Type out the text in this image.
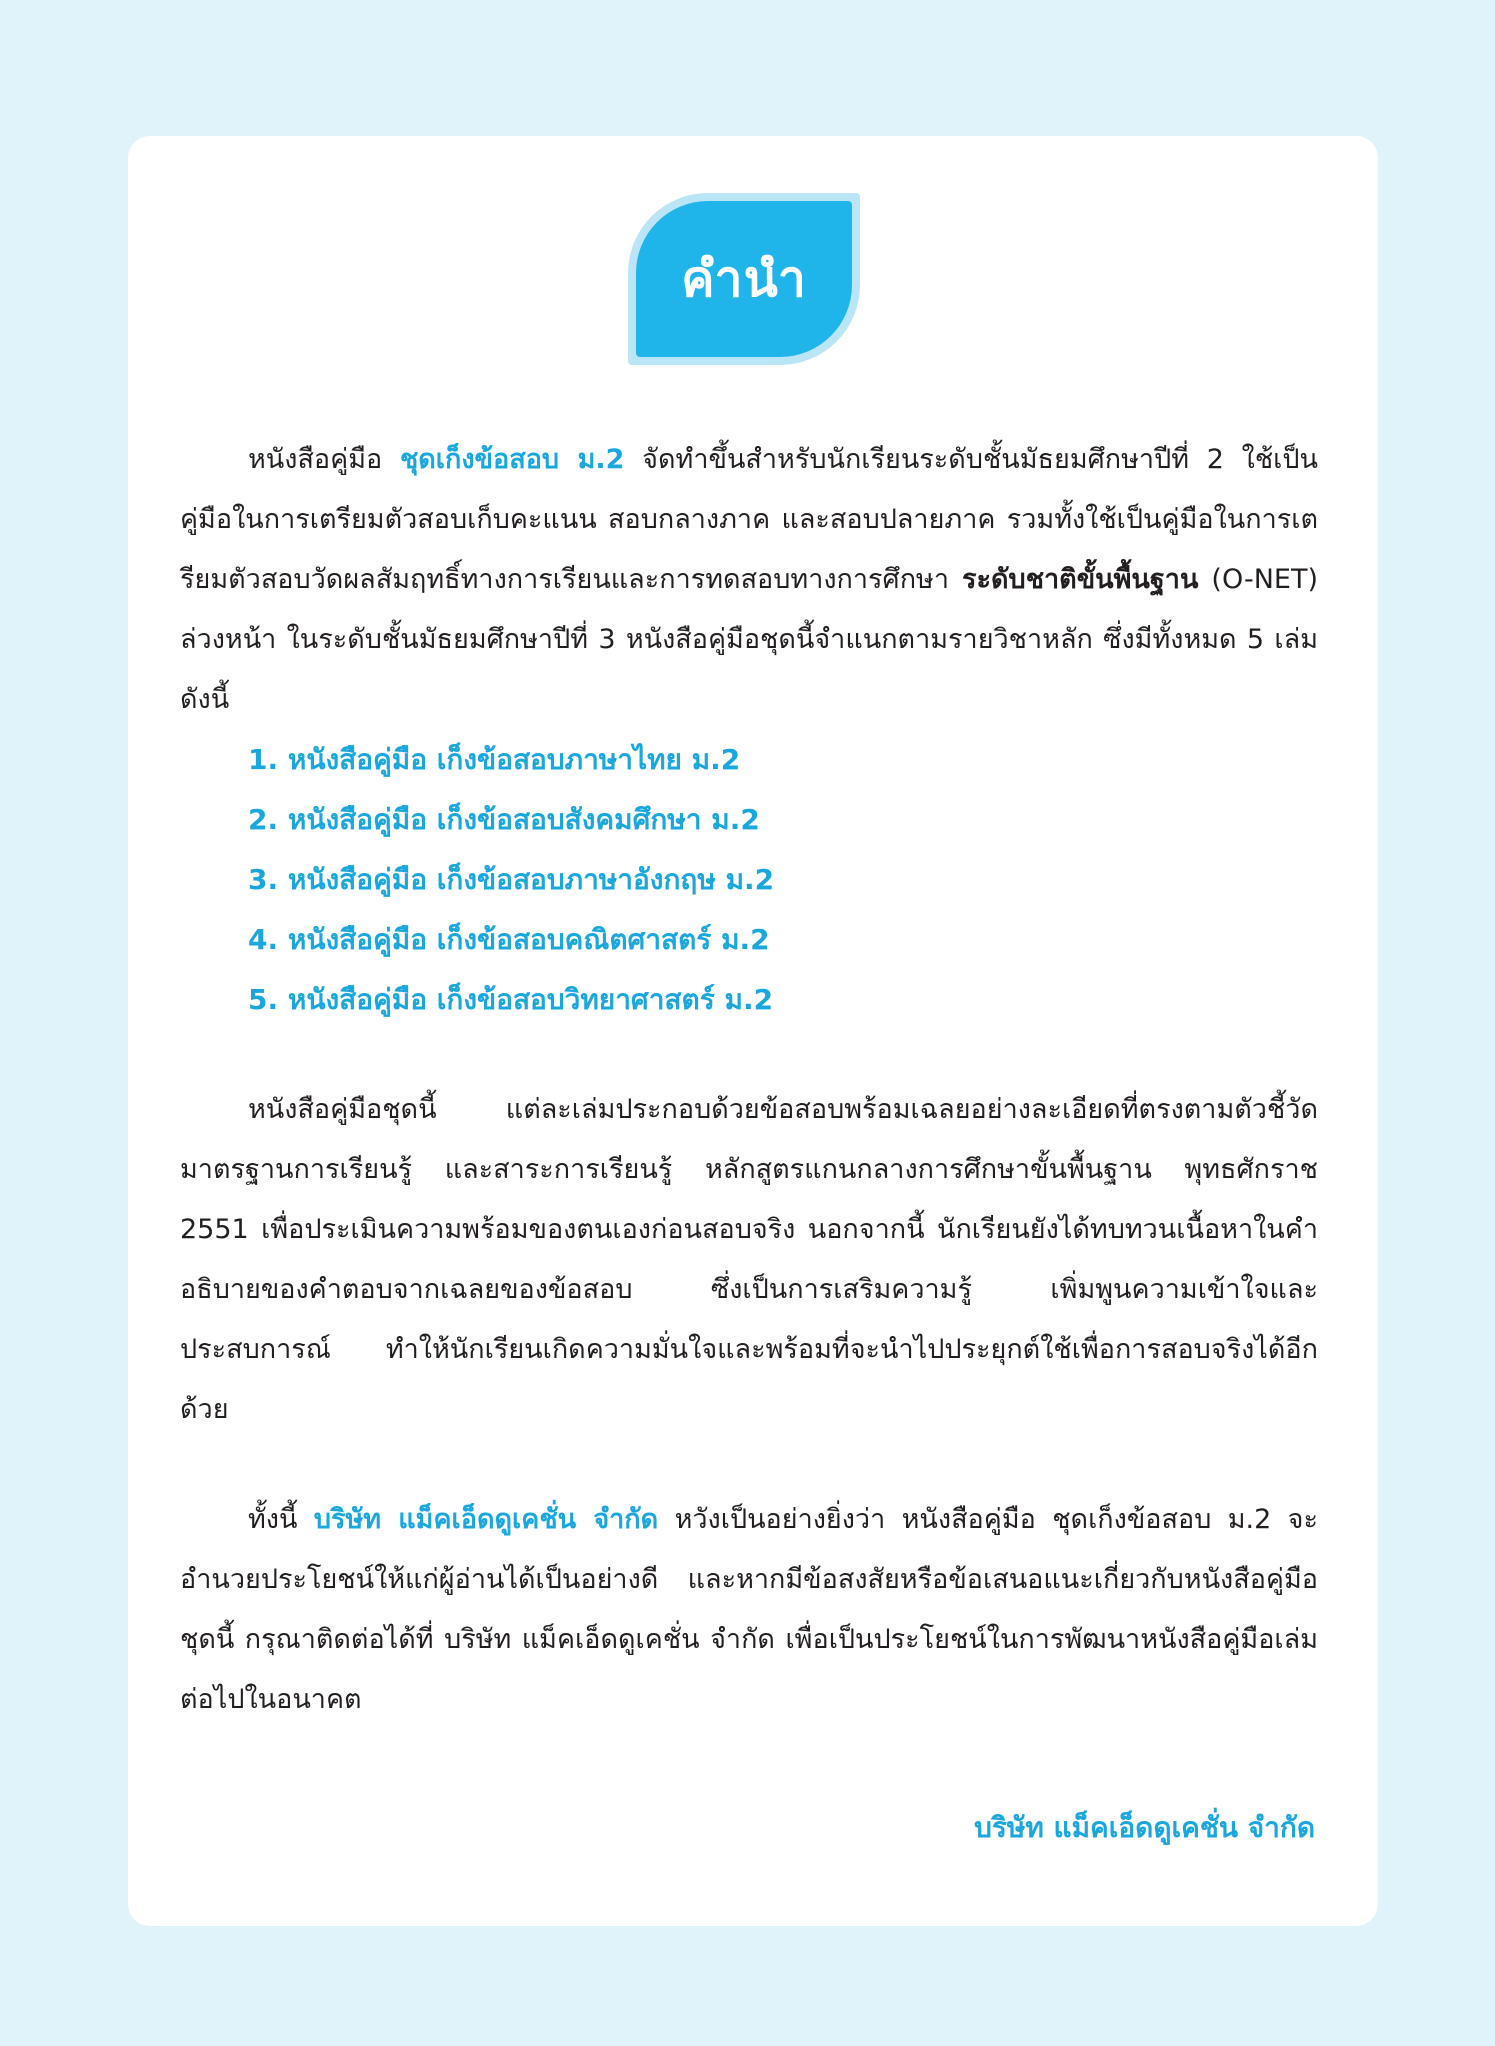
คำนำ

หนังสือคู่มือ ชุดเก็งข้อสอบ ม.2 จัดทำขึ้นสำหรับนักเรียนระดับชั้นมัธยมศึกษาปีที่ 2 ใช้เป็นคู่มือในการเตรียมตัวสอบเก็บคะแนน สอบกลางภาค และสอบปลายภาค รวมทั้งใช้เป็นคู่มือในการเตรียมตัวสอบวัดผลสัมฤทธิ์ทางการเรียนและการทดสอบทางการศึกษา ระดับชาติขั้นพื้นฐาน (O-NET) ล่วงหน้า ในระดับชั้นมัธยมศึกษาปีที่ 3 หนังสือคู่มือชุดนี้จำแนกตามรายวิชาหลัก ซึ่งมีทั้งหมด 5 เล่ม ดังนี้

1. หนังสือคู่มือ เก็งข้อสอบภาษาไทย ม.2
2. หนังสือคู่มือ เก็งข้อสอบสังคมศึกษา ม.2
3. หนังสือคู่มือ เก็งข้อสอบภาษาอังกฤษ ม.2
4. หนังสือคู่มือ เก็งข้อสอบคณิตศาสตร์ ม.2
5. หนังสือคู่มือ เก็งข้อสอบวิทยาศาสตร์ ม.2

หนังสือคู่มือชุดนี้ แต่ละเล่มประกอบด้วยข้อสอบพร้อมเฉลยอย่างละเอียดที่ตรงตามตัวชี้วัด มาตรฐานการเรียนรู้ และสาระการเรียนรู้ หลักสูตรแกนกลางการศึกษาขั้นพื้นฐาน พุทธศักราช 2551 เพื่อประเมินความพร้อมของตนเองก่อนสอบจริง นอกจากนี้ นักเรียนยังได้ทบทวนเนื้อหาในคำอธิบายของคำตอบจากเฉลยของข้อสอบ ซึ่งเป็นการเสริมความรู้ เพิ่มพูนความเข้าใจและประสบการณ์ ทำให้นักเรียนเกิดความมั่นใจและพร้อมที่จะนำไปประยุกต์ใช้เพื่อการสอบจริงได้อีกด้วย

ทั้งนี้ บริษัท แม็คเอ็ดดูเคชั่น จำกัด หวังเป็นอย่างยิ่งว่า หนังสือคู่มือ ชุดเก็งข้อสอบ ม.2 จะอำนวยประโยชน์ให้แก่ผู้อ่านได้เป็นอย่างดี และหากมีข้อสงสัยหรือข้อเสนอแนะเกี่ยวกับหนังสือคู่มือชุดนี้ กรุณาติดต่อได้ที่ บริษัท แม็คเอ็ดดูเคชั่น จำกัด เพื่อเป็นประโยชน์ในการพัฒนาหนังสือคู่มือเล่มต่อไปในอนาคต

บริษัท แม็คเอ็ดดูเคชั่น จำกัด
